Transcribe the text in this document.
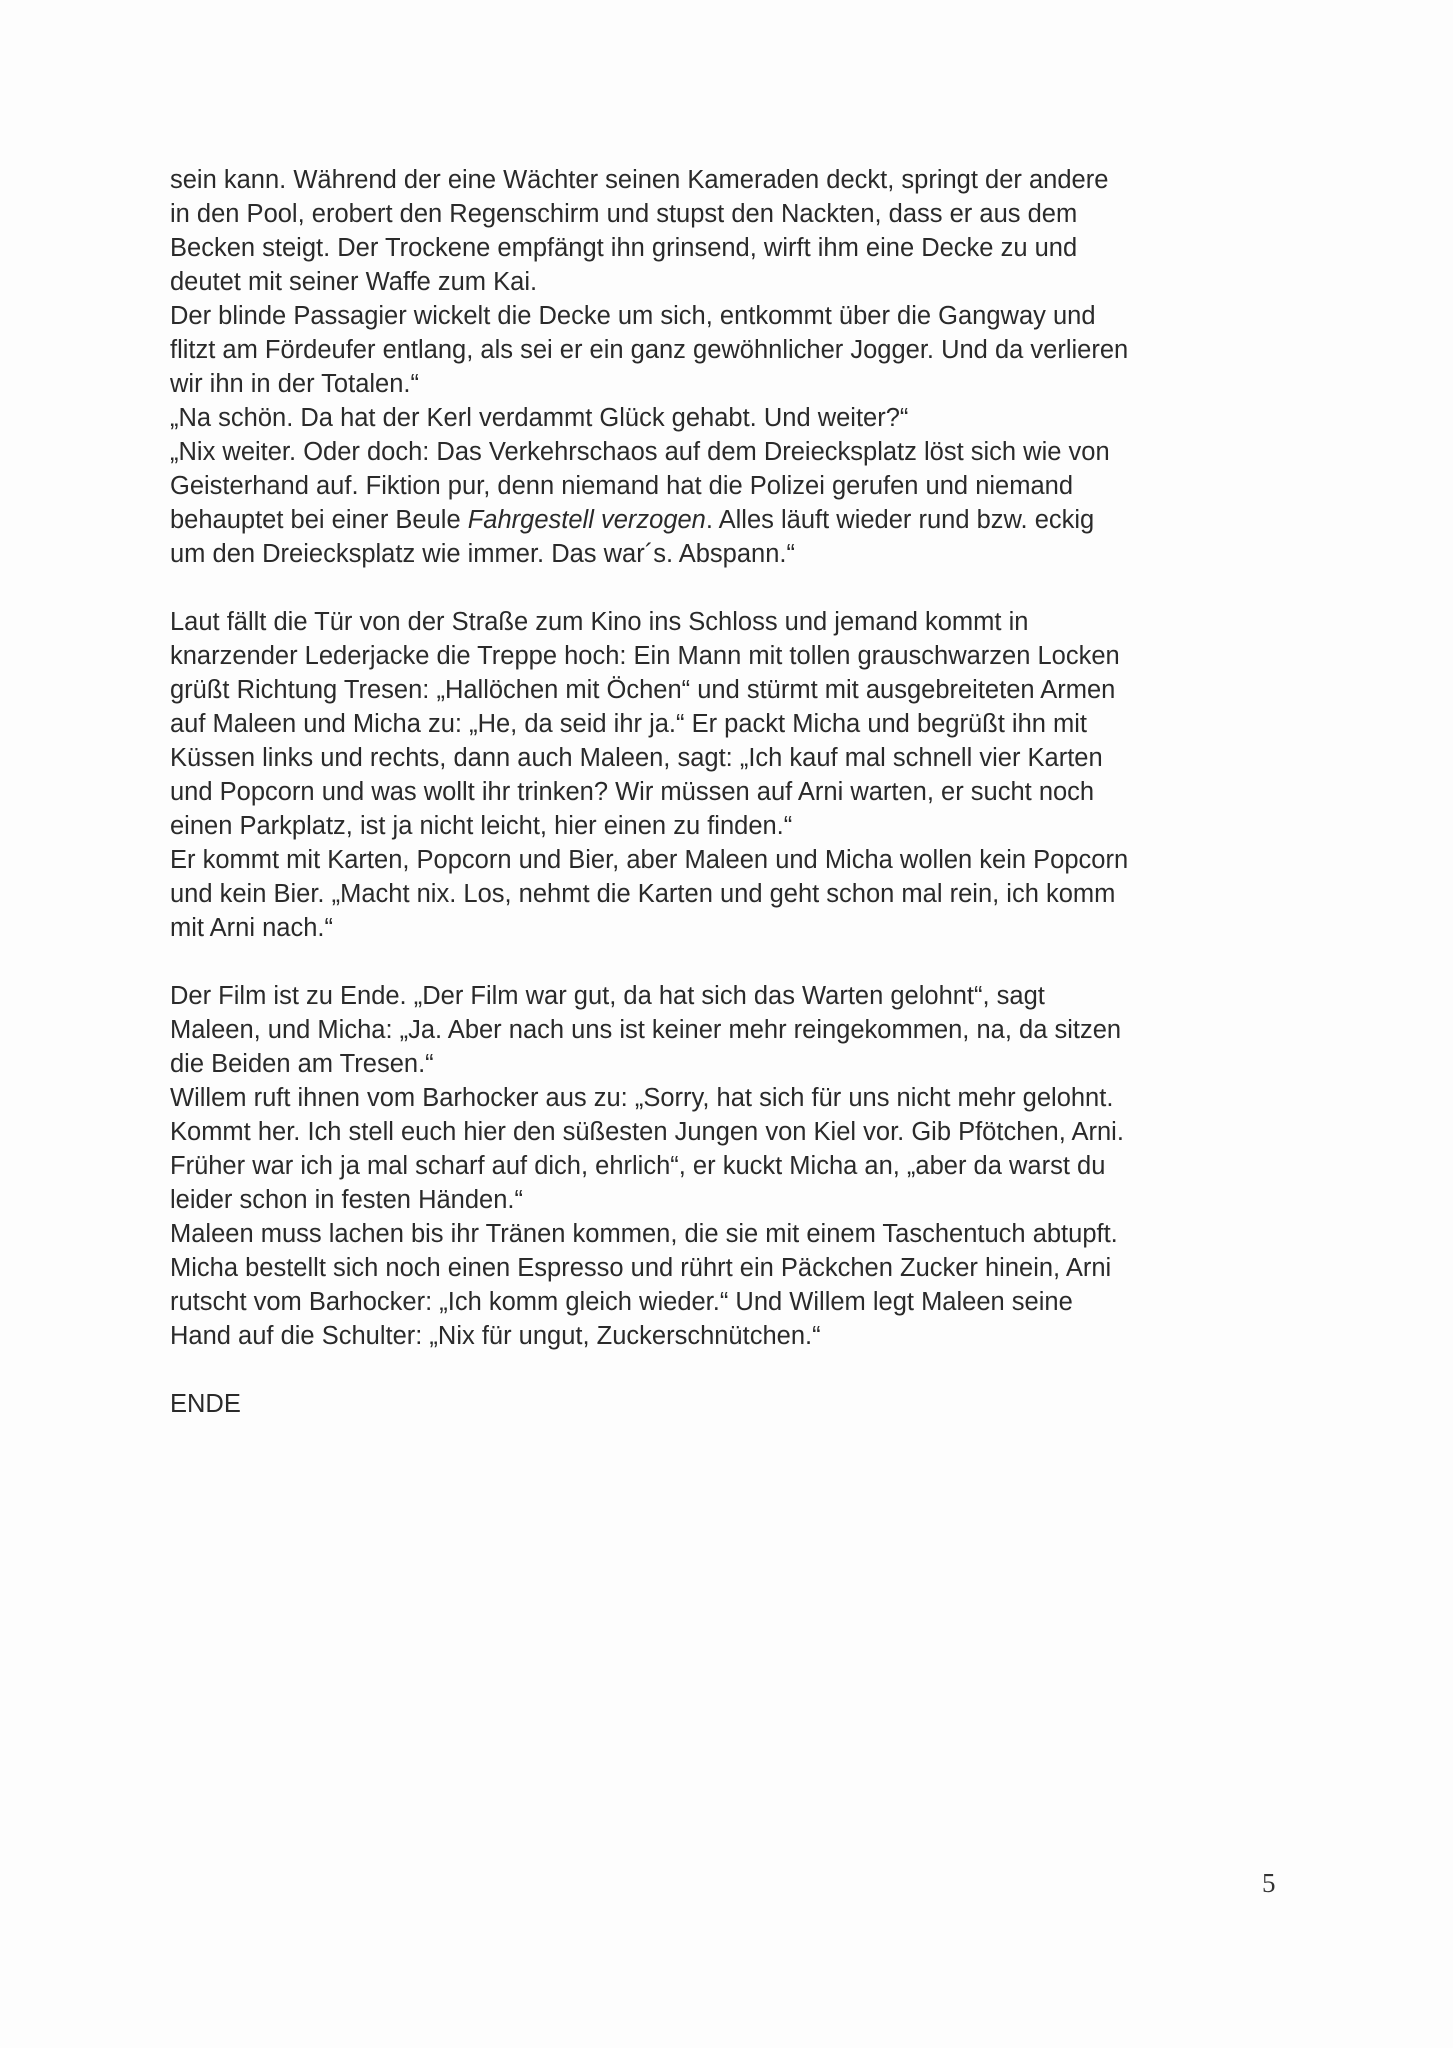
sein kann. Während der eine Wächter seinen Kameraden deckt, springt der andere
in den Pool, erobert den Regenschirm und stupst den Nackten, dass er aus dem
Becken steigt. Der Trockene empfängt ihn grinsend, wirft ihm eine Decke zu und
deutet mit seiner Waffe zum Kai.

Der blinde Passagier wickelt die Decke um sich, entkommt über die Gangway und
flitzt am Fördeufer entlang, als sei er ein ganz gewöhnlicher Jogger. Und da verlieren
wir ihn in der Totalen.“

„Na schön. Da hat der Kerl verdammt Glück gehabt. Und weiter?“

„Nix weiter. Oder doch: Das Verkehrschaos auf dem Dreiecksplatz löst sich wie von
Geisterhand auf. Fiktion pur, denn niemand hat die Polizei gerufen und niemand
behauptet bei einer Beule Fahrgestell verzogen. Alles läuft wieder rund bzw. eckig
um den Dreiecksplatz wie immer. Das war´s. Abspann.“

Laut fällt die Tür von der Straße zum Kino ins Schloss und jemand kommt in
knarzender Lederjacke die Treppe hoch: Ein Mann mit tollen grauschwarzen Locken
grüßt Richtung Tresen: „Hallöchen mit Öchen“ und stürmt mit ausgebreiteten Armen
auf Maleen und Micha zu: „He, da seid ihr ja.“ Er packt Micha und begrüßt ihn mit
Küssen links und rechts, dann auch Maleen, sagt: „Ich kauf mal schnell vier Karten
und Popcorn und was wollt ihr trinken? Wir müssen auf Arni warten, er sucht noch
einen Parkplatz, ist ja nicht leicht, hier einen zu finden.“

Er kommt mit Karten, Popcorn und Bier, aber Maleen und Micha wollen kein Popcorn
und kein Bier. „Macht nix. Los, nehmt die Karten und geht schon mal rein, ich komm
mit Arni nach.“

Der Film ist zu Ende. „Der Film war gut, da hat sich das Warten gelohnt“, sagt
Maleen, und Micha: „Ja. Aber nach uns ist keiner mehr reingekommen, na, da sitzen
die Beiden am Tresen.“

Willem ruft ihnen vom Barhocker aus zu: „Sorry, hat sich für uns nicht mehr gelohnt.
Kommt her. Ich stell euch hier den süßesten Jungen von Kiel vor. Gib Pfötchen, Arni.
Früher war ich ja mal scharf auf dich, ehrlich“, er kuckt Micha an, „aber da warst du
leider schon in festen Händen.“

Maleen muss lachen bis ihr Tränen kommen, die sie mit einem Taschentuch abtupft.
Micha bestellt sich noch einen Espresso und rührt ein Päckchen Zucker hinein, Arni
rutscht vom Barhocker: „Ich komm gleich wieder.“ Und Willem legt Maleen seine
Hand auf die Schulter: „Nix für ungut, Zuckerschnütchen.“

ENDE

5
